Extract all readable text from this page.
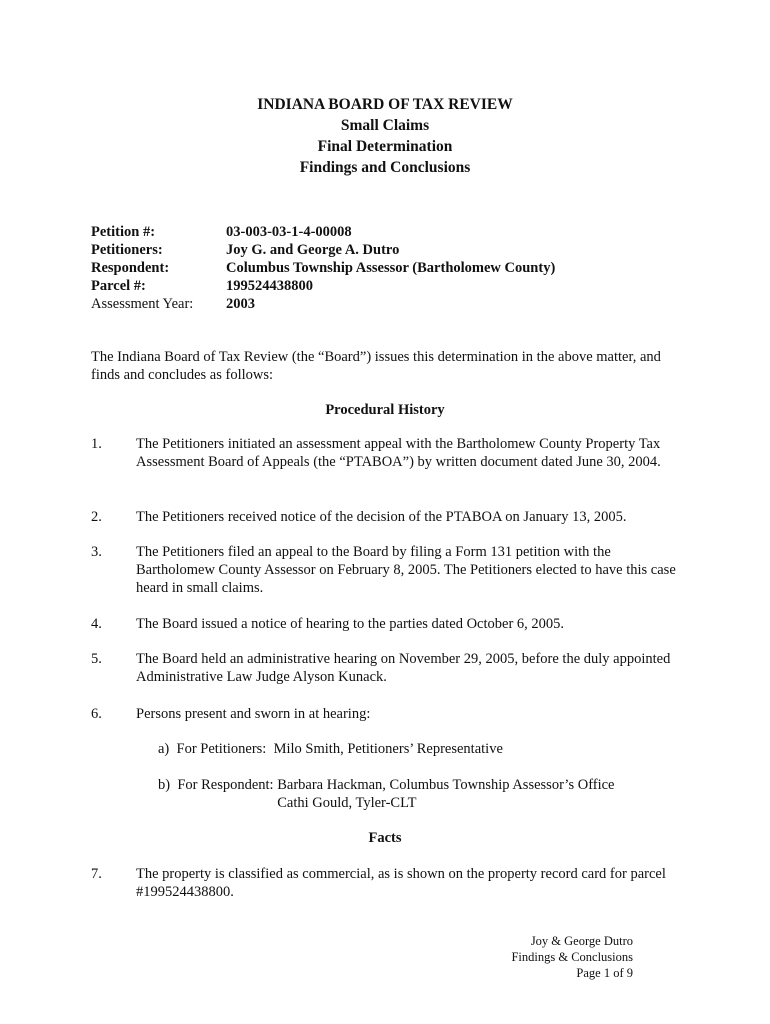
INDIANA BOARD OF TAX REVIEW
Small Claims
Final Determination
Findings and Conclusions
Petition #:	03-003-03-1-4-00008
Petitioners:	Joy G. and George A. Dutro
Respondent:	Columbus Township Assessor (Bartholomew County)
Parcel #:	199524438800
Assessment Year:	2003
The Indiana Board of Tax Review (the “Board”) issues this determination in the above matter, and finds and concludes as follows:
Procedural History
1.	The Petitioners initiated an assessment appeal with the Bartholomew County Property Tax Assessment Board of Appeals (the “PTABOA”) by written document dated June 30, 2004.
2.	The Petitioners received notice of the decision of the PTABOA on January 13, 2005.
3.	The Petitioners filed an appeal to the Board by filing a Form 131 petition with the Bartholomew County Assessor on February 8, 2005. The Petitioners elected to have this case heard in small claims.
4.	The Board issued a notice of hearing to the parties dated October 6, 2005.
5.	The Board held an administrative hearing on November 29, 2005, before the duly appointed Administrative Law Judge Alyson Kunack.
6.	Persons present and sworn in at hearing:
a)  For Petitioners: Milo Smith, Petitioners’ Representative
b)  For Respondent: Barbara Hackman, Columbus Township Assessor’s Office
Cathi Gould, Tyler-CLT
Facts
7.	The property is classified as commercial, as is shown on the property record card for parcel #199524438800.
Joy & George Dutro
Findings & Conclusions
Page 1 of 9
